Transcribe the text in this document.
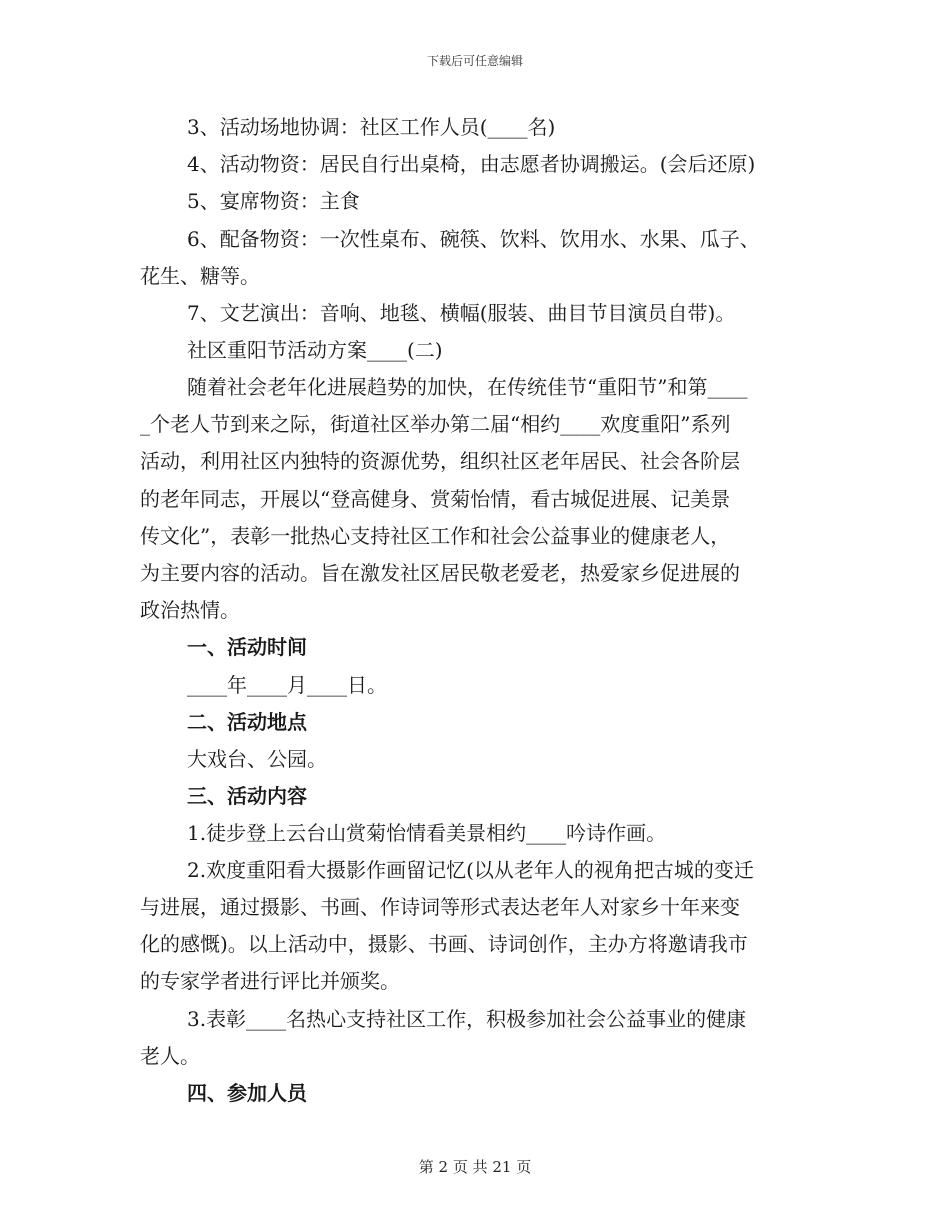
下载后可任意编辑
3、活动场地协调：社区工作人员(____名)
4、活动物资：居民自行出桌椅，由志愿者协调搬运。(会后还原)
5、宴席物资：主食
6、配备物资：一次性桌布、碗筷、饮料、饮用水、水果、瓜子、
花生、糖等。
7、文艺演出：音响、地毯、横幅(服装、曲目节目演员自带)。
社区重阳节活动方案____(二)
随着社会老年化进展趋势的加快，在传统佳节“重阳节”和第____
_个老人节到来之际，街道社区举办第二届“相约____欢度重阳”系列
活动，利用社区内独特的资源优势，组织社区老年居民、社会各阶层
的老年同志，开展以“登高健身、赏菊怡情，看古城促进展、记美景
传文化”，表彰一批热心支持社区工作和社会公益事业的健康老人，
为主要内容的活动。旨在激发社区居民敬老爱老，热爱家乡促进展的
政治热情。
一、活动时间
____年____月____日。
二、活动地点
大戏台、公园。
三、活动内容
1.徒步登上云台山赏菊怡情看美景相约____吟诗作画。
2.欢度重阳看大摄影作画留记忆(以从老年人的视角把古城的变迁
与进展，通过摄影、书画、作诗词等形式表达老年人对家乡十年来变
化的感慨)。以上活动中，摄影、书画、诗词创作，主办方将邀请我市
的专家学者进行评比并颁奖。
3.表彰____名热心支持社区工作，积极参加社会公益事业的健康
老人。
四、参加人员
第 2 页 共 21 页
